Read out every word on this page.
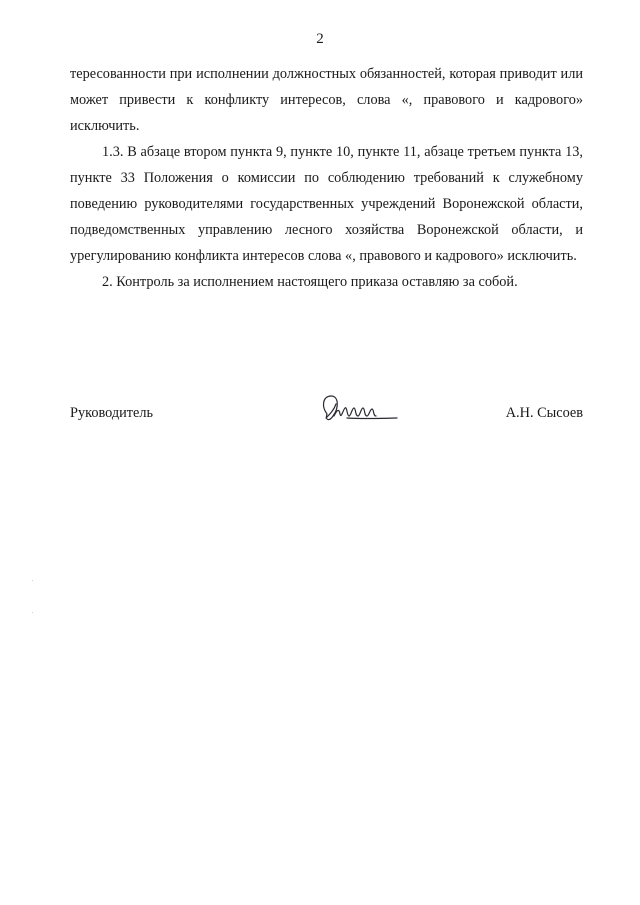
2

тересованности при исполнении должностных обязанностей, которая приводит или может привести к конфликту интересов, слова «, правового и кадрового» исключить.

1.3. В абзаце втором пункта 9, пункте 10, пункте 11, абзаце третьем пункта 13, пункте 33 Положения о комиссии по соблюдению требований к служебному поведению руководителями государственных учреждений Воронежской области, подведомственных управлению лесного хозяйства Воронежской области, и урегулированию конфликта интересов слова «, правового и кадрового» исключить.

2. Контроль за исполнением настоящего приказа оставляю за собой.

Руководитель	А.Н. Сысоев
